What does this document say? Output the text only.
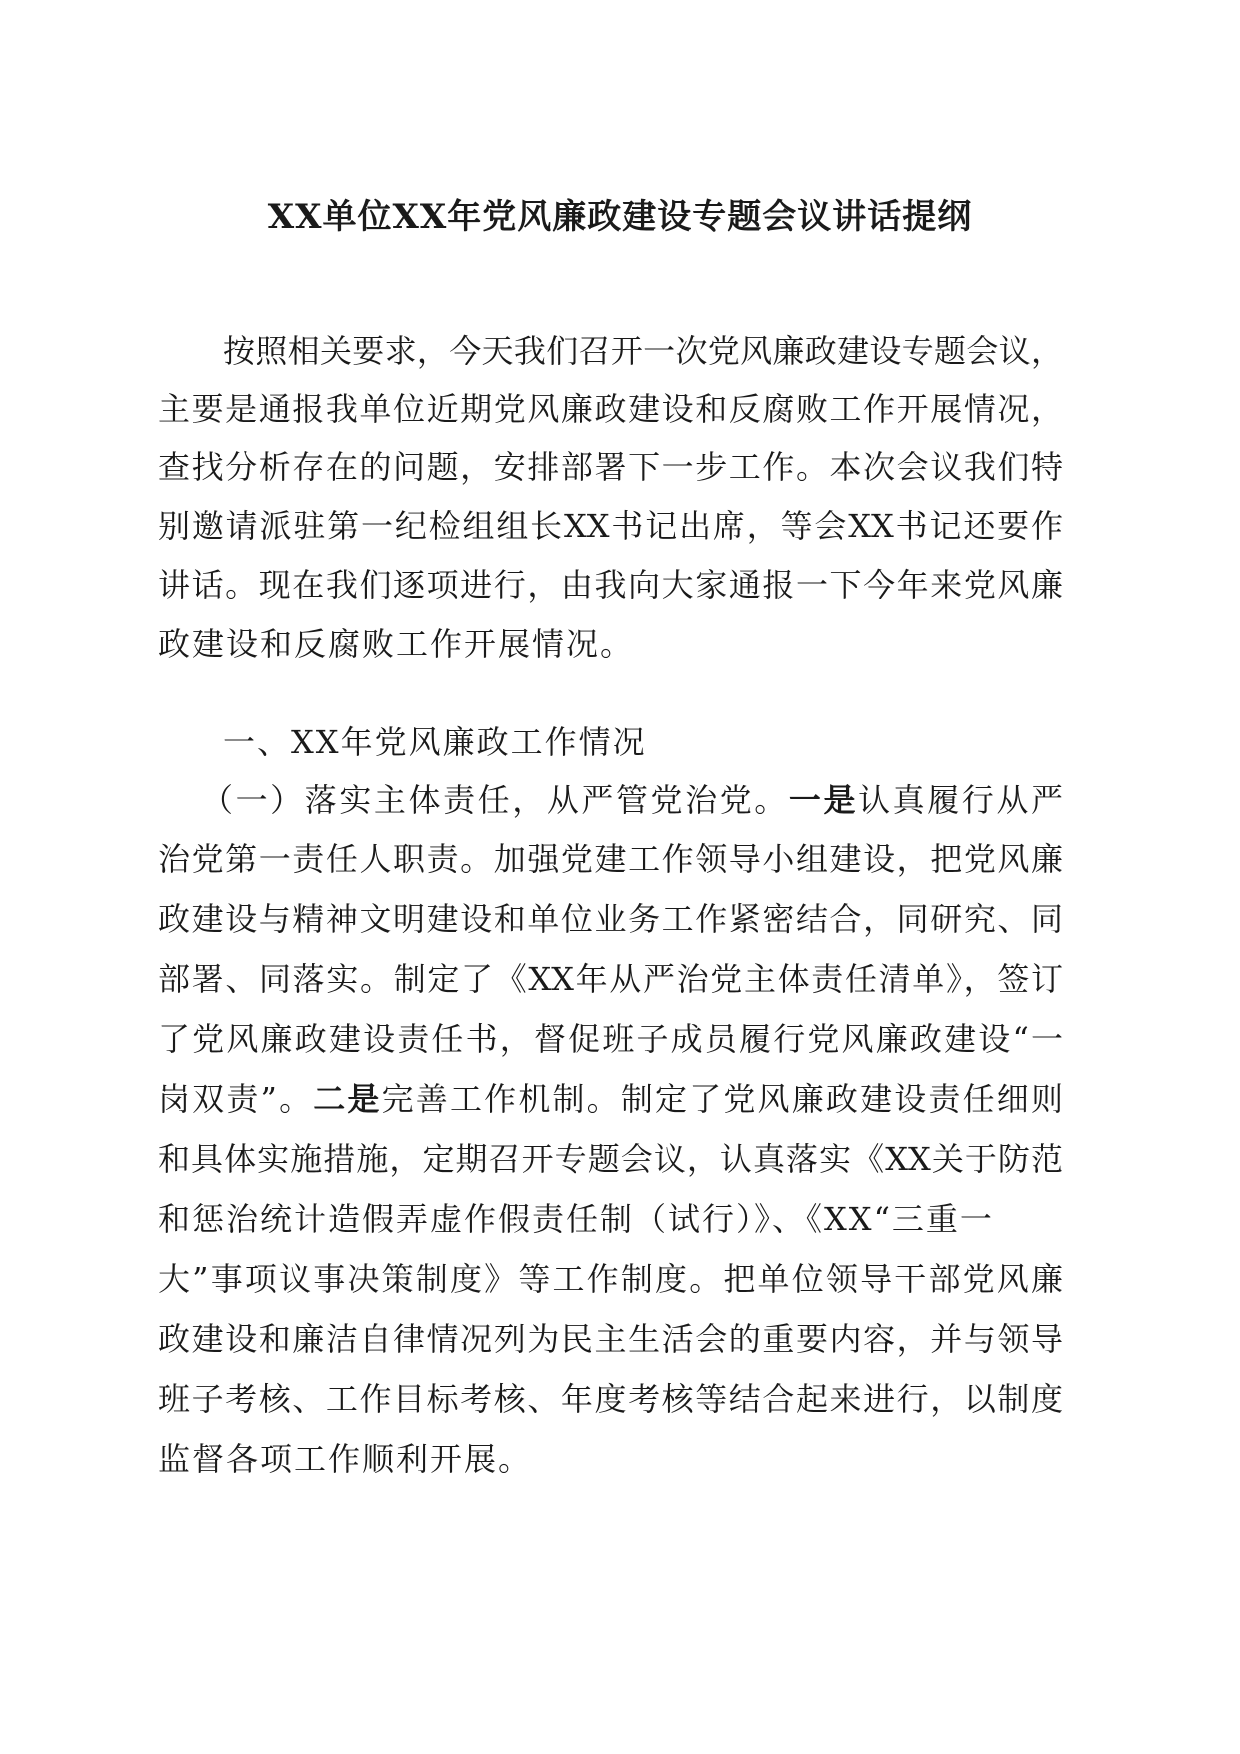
XX单位XX年党风廉政建设专题会议讲话提纲

按照相关要求，今天我们召开一次党风廉政建设专题会议，

主要是通报我单位近期党风廉政建设和反腐败工作开展情况，

查找分析存在的问题，安排部署下一步工作。本次会议我们特

别邀请派驻第一纪检组组长XX书记出席，等会XX书记还要作

讲话。现在我们逐项进行，由我向大家通报一下今年来党风廉

政建设和反腐败工作开展情况。

一、XX年党风廉政工作情况

（一）落实主体责任，从严管党治党。一是认真履行从严

治党第一责任人职责。加强党建工作领导小组建设，把党风廉

政建设与精神文明建设和单位业务工作紧密结合，同研究、同

部署、同落实。制定了《XX年从严治党主体责任清单》，签订

了党风廉政建设责任书，督促班子成员履行党风廉政建设“一

岗双责”。二是完善工作机制。制定了党风廉政建设责任细则

和具体实施措施，定期召开专题会议，认真落实《XX关于防范

和惩治统计造假弄虚作假责任制（试行）》、《XX“三重一

大”事项议事决策制度》等工作制度。把单位领导干部党风廉

政建设和廉洁自律情况列为民主生活会的重要内容，并与领导

班子考核、工作目标考核、年度考核等结合起来进行，以制度

监督各项工作顺利开展。
